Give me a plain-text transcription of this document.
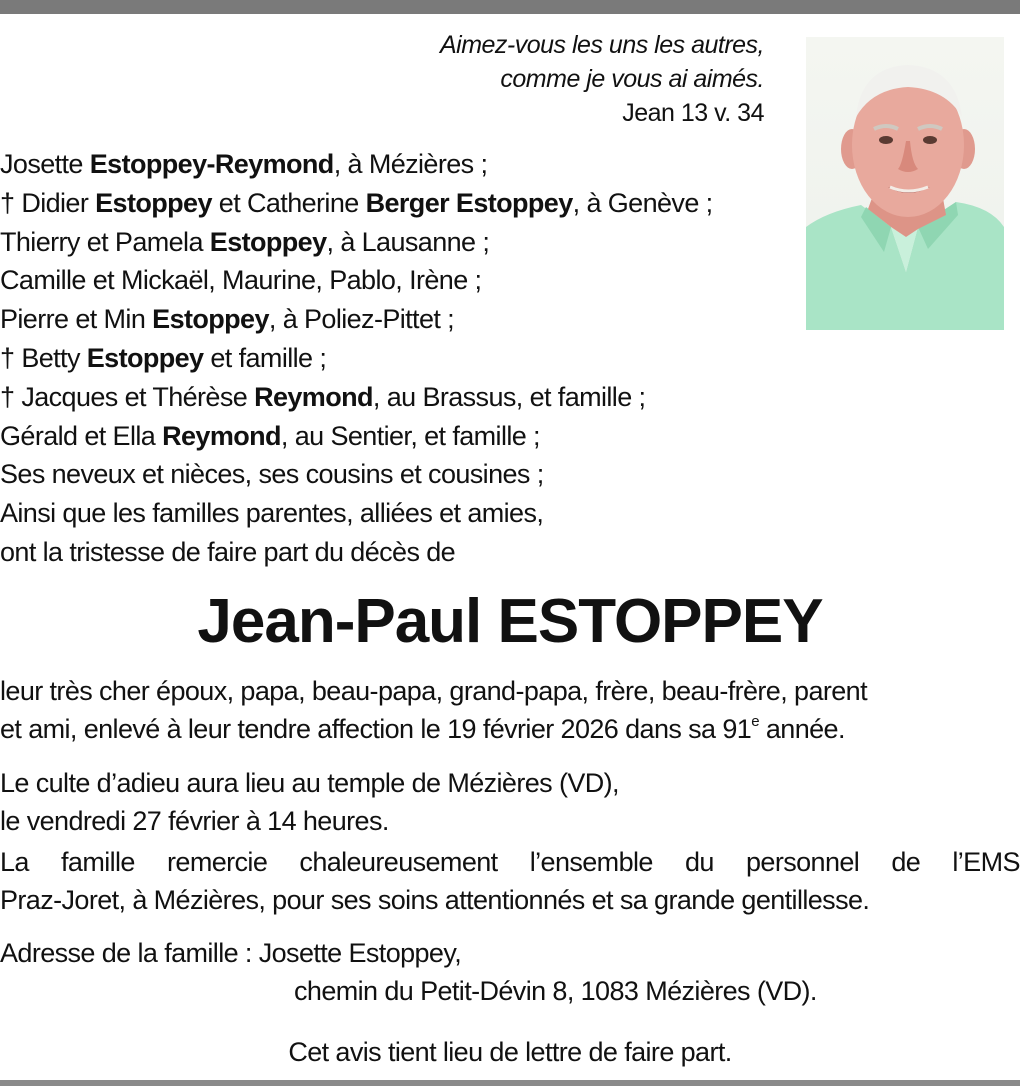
Aimez-vous les uns les autres,
comme je vous ai aimés.
Jean 13 v. 34
Josette Estoppey-Reymond, à Mézières ;
† Didier Estoppey et Catherine Berger Estoppey, à Genève ;
Thierry et Pamela Estoppey, à Lausanne ;
Camille et Mickaël, Maurine, Pablo, Irène ;
Pierre et Min Estoppey, à Poliez-Pittet ;
† Betty Estoppey et famille ;
† Jacques et Thérèse Reymond, au Brassus, et famille ;
Gérald et Ella Reymond, au Sentier, et famille ;
Ses neveux et nièces, ses cousins et cousines ;
Ainsi que les familles parentes, alliées et amies,
ont la tristesse de faire part du décès de
Jean-Paul ESTOPPEY
leur très cher époux, papa, beau-papa, grand-papa, frère, beau-frère, parent
et ami, enlevé à leur tendre affection le 19 février 2026 dans sa 91e année.
Le culte d’adieu aura lieu au temple de Mézières (VD),
le vendredi 27 février à 14 heures.
La famille remercie chaleureusement l’ensemble du personnel de l’EMS
Praz-Joret, à Mézières, pour ses soins attentionnés et sa grande gentillesse.
Adresse de la famille : Josette Estoppey,
chemin du Petit-Dévin 8, 1083 Mézières (VD).
Cet avis tient lieu de lettre de faire part.
